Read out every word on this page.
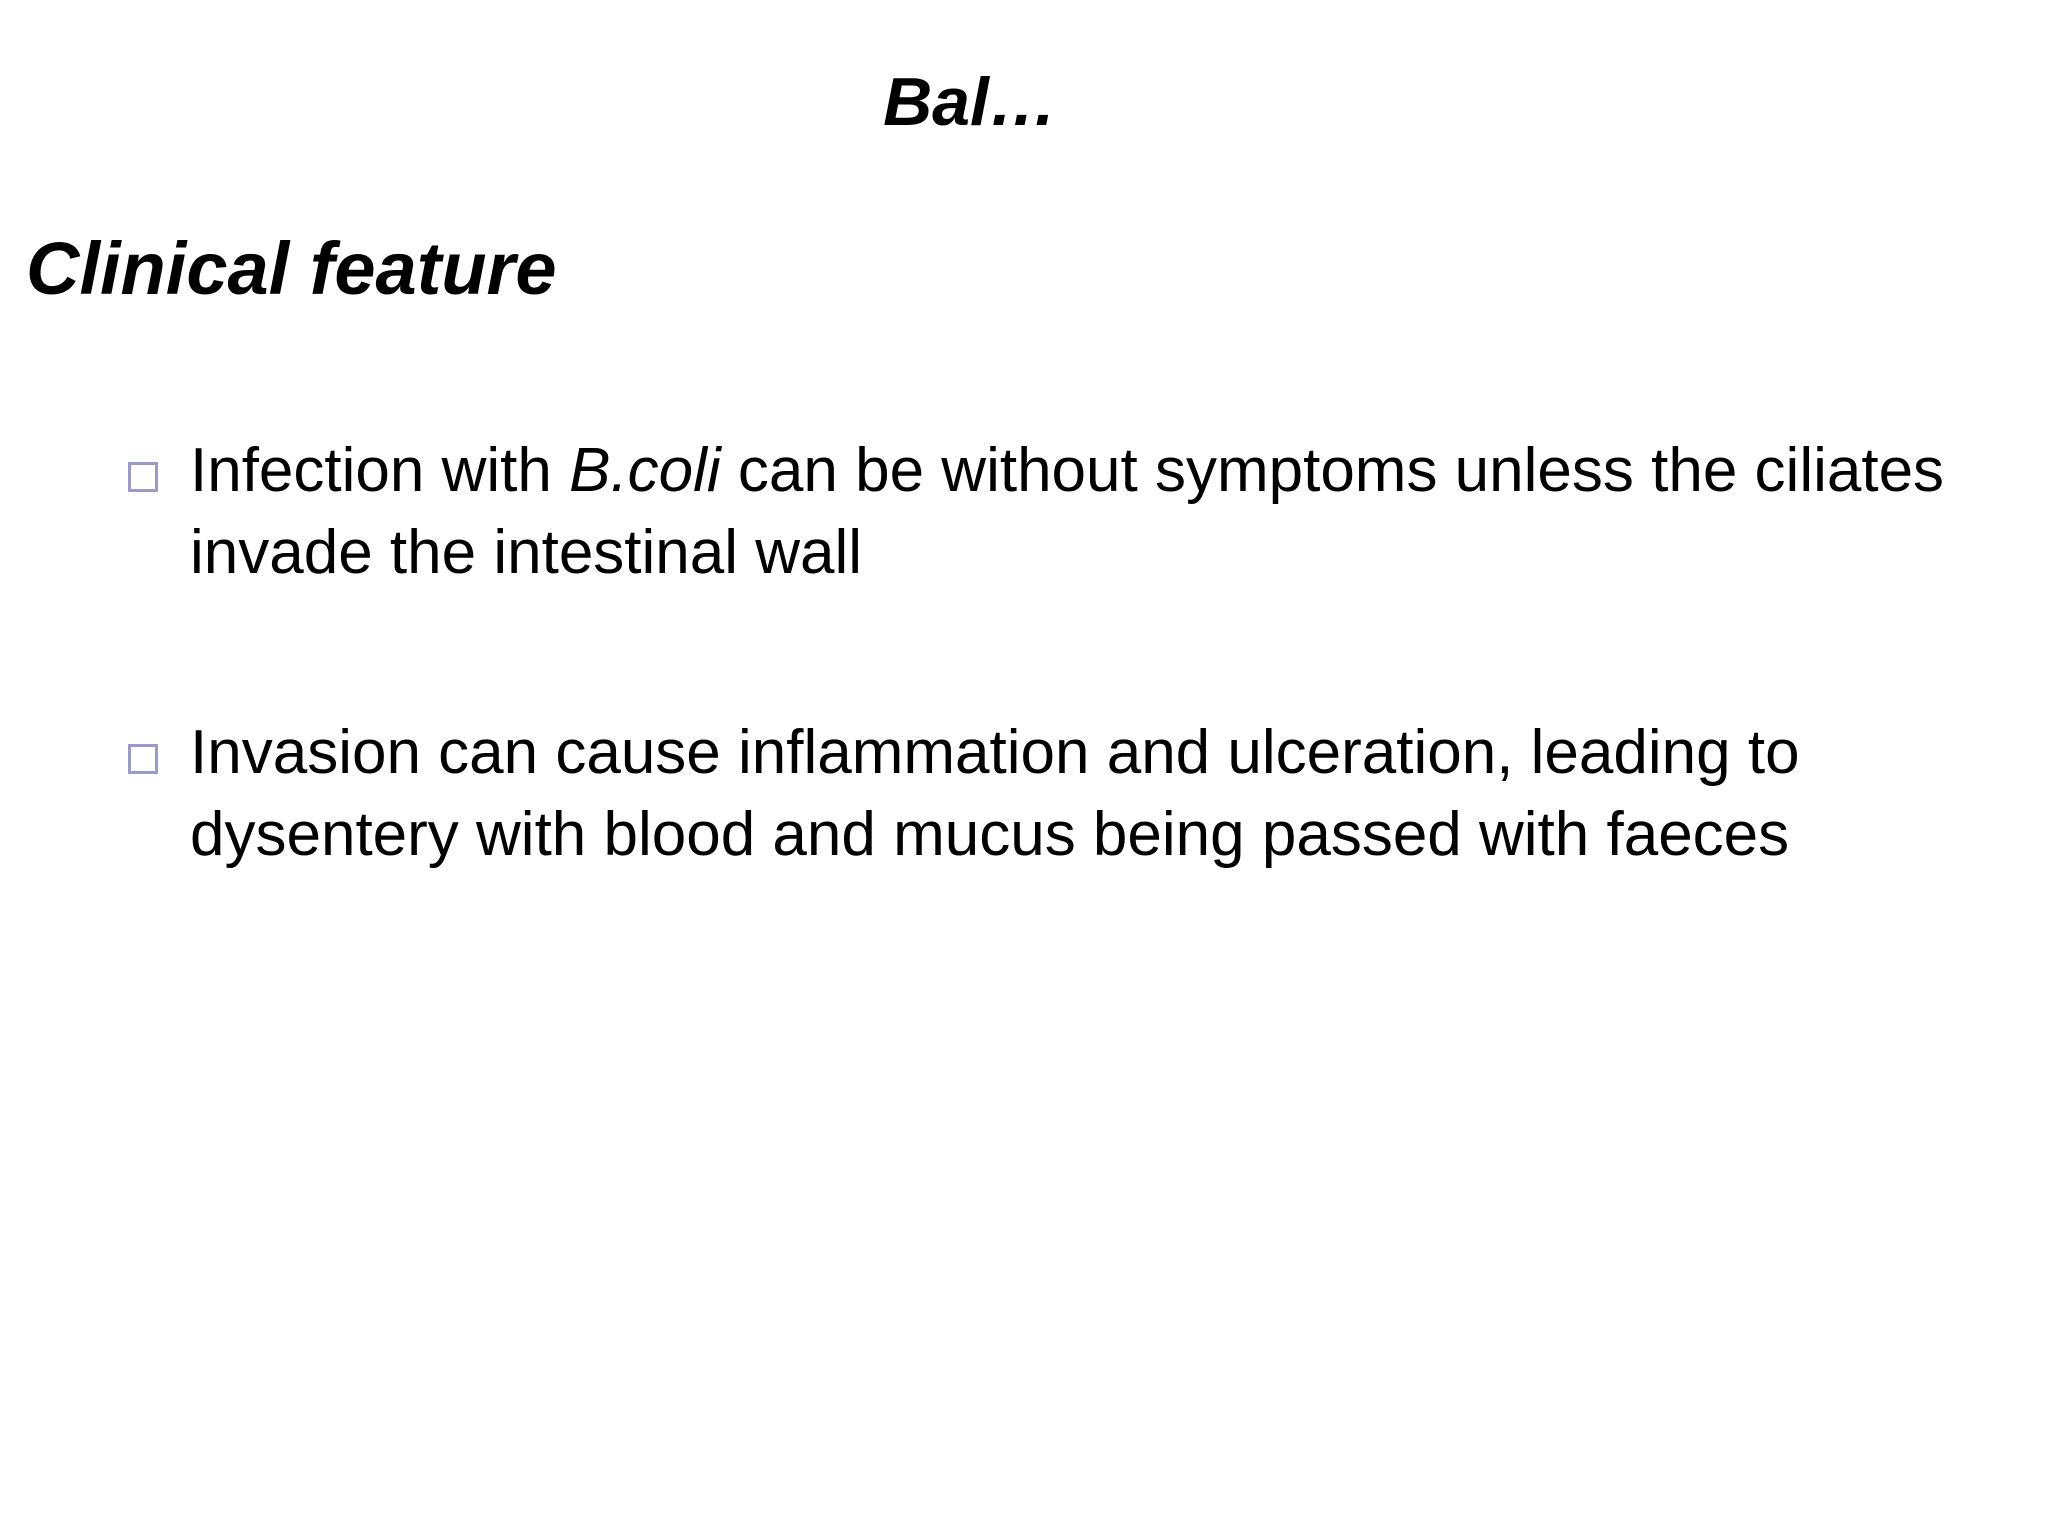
Bal…
Clinical feature
Infection with B.coli can be without symptoms unless the ciliates invade the intestinal wall
Invasion can cause inflammation and ulceration, leading to dysentery with blood and mucus being passed with faeces
